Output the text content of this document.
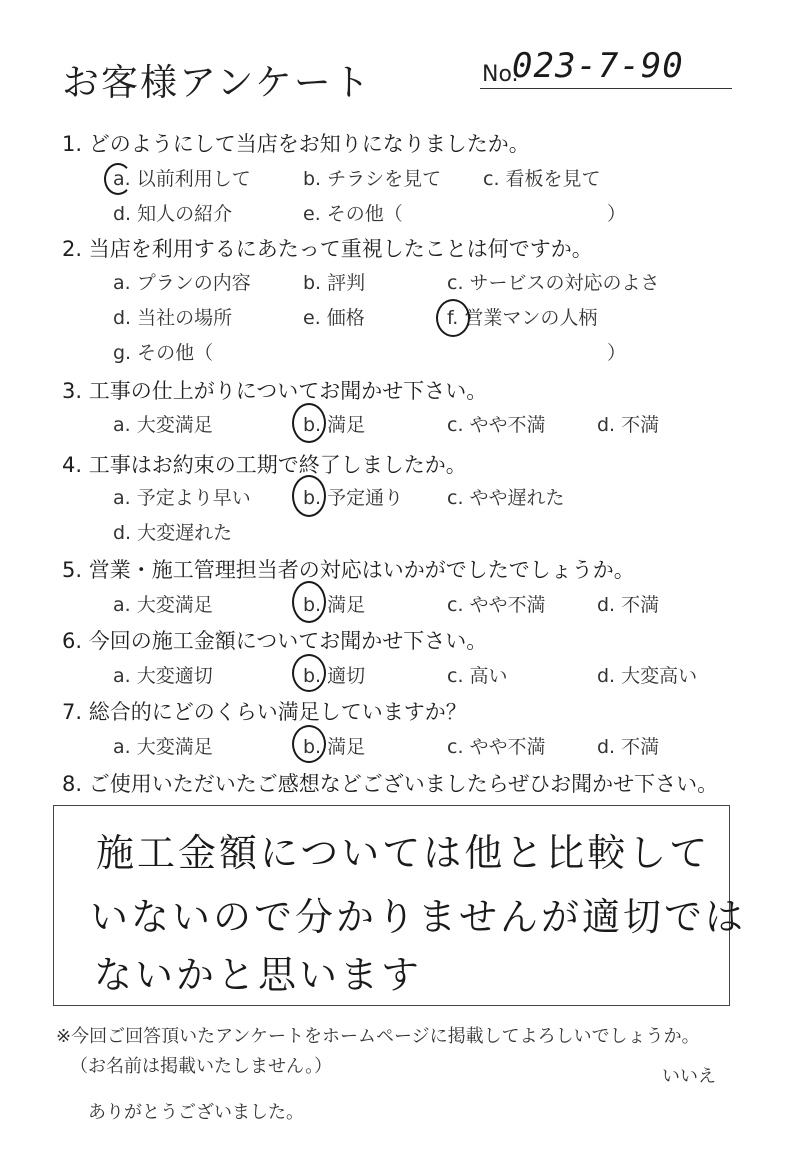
お客様アンケート	No.
023-7-90
1. どのようにして当店をお知りになりましたか。
a. 以前利用して	b. チラシを見て c. 看板を見て
d. 知人の紹介	e. その他（	）
2. 当店を利用するにあたって重視したことは何ですか。
a. プランの内容	b. 評判	c. サービスの対応のよさ
d. 当社の場所	e. 価格	f. 営業マンの人柄
g. その他（	）
3. 工事の仕上がりについてお聞かせ下さい。
a. 大変満足	b. 満足	c. やや不満	d. 不満
4. 工事はお約束の工期で終了しましたか。
a. 予定より早い	b. 予定通り c. やや遅れた
d. 大変遅れた
5. 営業・施工管理担当者の対応はいかがでしたでしょうか。
a. 大変満足	b. 満足	c. やや不満	d. 不満
6. 今回の施工金額についてお聞かせ下さい。
a. 大変適切	b. 適切	c. 高い	d. 大変高い
7. 総合的にどのくらい満足していますか？
a. 大変満足	b. 満足	c. やや不満	d. 不満
8. ご使用いただいたご感想などございましたらぜひお聞かせ下さい。
施工金額については他と比較して
いないので分かりませんが適切では
ないかと思います
※今回ご回答頂いたアンケートをホームページに掲載してよろしいでしょうか。
（お名前は掲載いたしません。）	いいえ
ありがとうございました。
